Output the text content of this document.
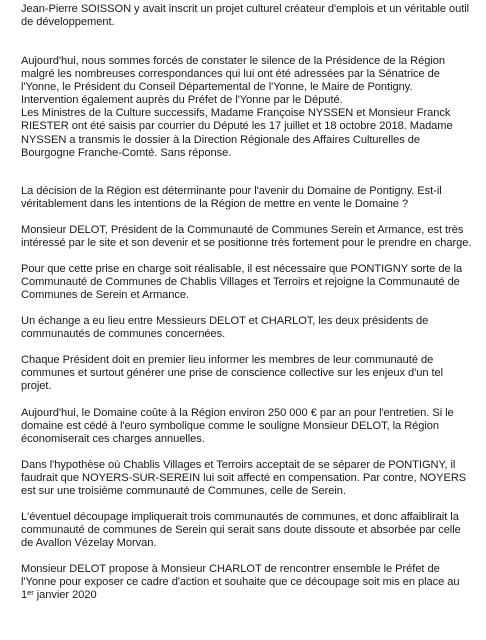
Jean-Pierre SOISSON y avait inscrit un projet culturel créateur d'emplois et un véritable outil
de développement.
Aujourd'hui, nous sommes forcés de constater le silence de la Présidence de la Région
malgré les nombreuses correspondances qui lui ont été adressées par la Sénatrice de
l'Yonne, le Président du Conseil Départemental de l'Yonne, le Maire de Pontigny.
Intervention également auprès du Préfet de l'Yonne par le Député.
Les Ministres de la Culture successifs, Madame Françoise NYSSEN et Monsieur Franck
RIESTER ont été saisis par courrier du Député les 17 juillet et 18 octobre 2018. Madame
NYSSEN a transmis le dossier à la Direction Régionale des Affaires Culturelles de
Bourgogne Franche-Comté. Sans réponse.
La décision de la Région est déterminante pour l'avenir du Domaine de Pontigny. Est-il
véritablement dans les intentions de la Région de mettre en vente le Domaine ?
Monsieur DELOT, Président de la Communauté de Communes Serein et Armance, est très
intéressé par le site et son devenir et se positionne très fortement pour le prendre en charge.
Pour que cette prise en charge soit réalisable, il est nécessaire que PONTIGNY sorte de la
Communauté de Communes de Chablis Villages et Terroirs et rejoigne la Communauté de
Communes de Serein et Armance.
Un échange a eu lieu entre Messieurs DELOT et CHARLOT, les deux présidents de
communautés de communes concernées.
Chaque Président doit en premier lieu informer les membres de leur communauté de
communes et surtout générer une prise de conscience collective sur les enjeux d'un tel
projet.
Aujourd'hui, le Domaine coûte à la Région environ 250 000 € par an pour l'entretien. Si le
domaine est cédé à l'euro symbolique comme le souligne Monsieur DELOT, la Région
économiserait ces charges annuelles.
Dans l'hypothèse où Chablis Villages et Terroirs acceptait de se séparer de PONTIGNY, il
faudrait que NOYERS-SUR-SEREIN lui soit affecté en compensation. Par contre, NOYERS
est sur une troisième communauté de Communes, celle de Serein.
L'éventuel découpage impliquerait trois communautés de communes, et donc affaiblirait la
communauté de communes de Serein qui serait sans doute dissoute et absorbée par celle
de Avallon Vézelay Morvan.
Monsieur DELOT propose à Monsieur CHARLOT de rencontrer ensemble le Préfet de
l'Yonne pour exposer ce cadre d'action et souhaite que ce découpage soit mis en place au
1er janvier 2020
